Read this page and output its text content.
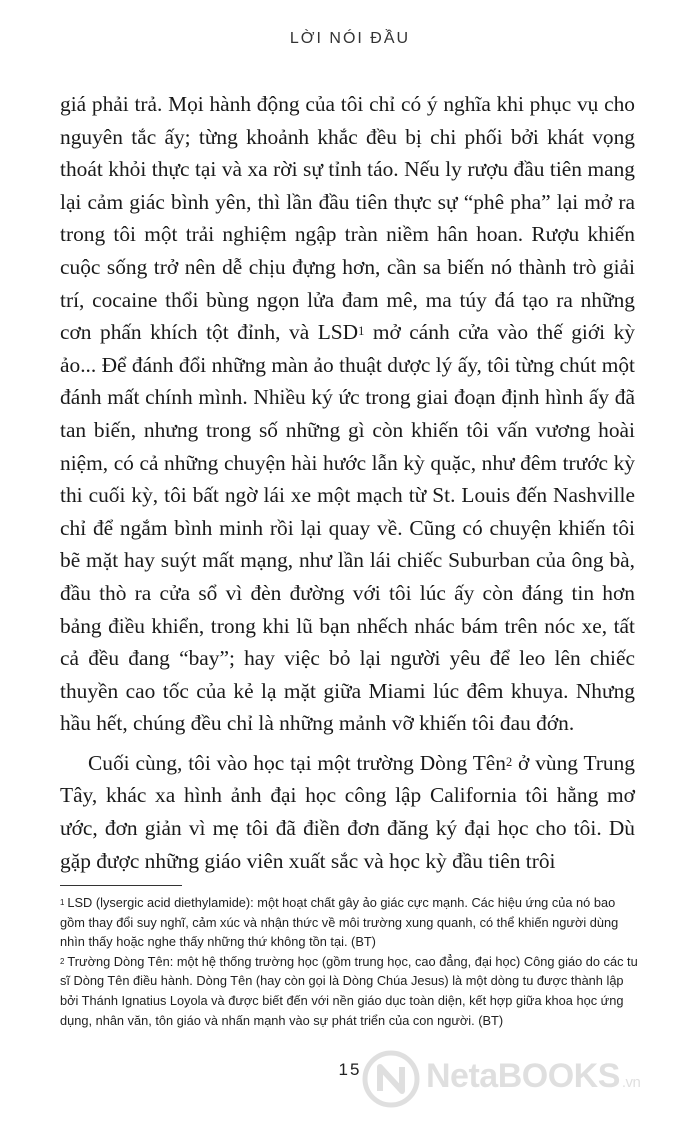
LỜI NÓI ĐẦU

giá phải trả. Mọi hành động của tôi chỉ có ý nghĩa khi phục vụ cho nguyên tắc ấy; từng khoảnh khắc đều bị chi phối bởi khát vọng thoát khỏi thực tại và xa rời sự tỉnh táo. Nếu ly rượu đầu tiên mang lại cảm giác bình yên, thì lần đầu tiên thực sự “phê pha” lại mở ra trong tôi một trải nghiệm ngập tràn niềm hân hoan. Rượu khiến cuộc sống trở nên dễ chịu đựng hơn, cần sa biến nó thành trò giải trí, cocaine thổi bùng ngọn lửa đam mê, ma túy đá tạo ra những cơn phấn khích tột đỉnh, và LSD$^1$ mở cánh cửa vào thế giới kỳ ảo... Để đánh đổi những màn ảo thuật dược lý ấy, tôi từng chút một đánh mất chính mình. Nhiều ký ức trong giai đoạn định hình ấy đã tan biến, nhưng trong số những gì còn khiến tôi vấn vương hoài niệm, có cả những chuyện hài hước lẫn kỳ quặc, như đêm trước kỳ thi cuối kỳ, tôi bất ngờ lái xe một mạch từ St. Louis đến Nashville chỉ để ngắm bình minh rồi lại quay về. Cũng có chuyện khiến tôi bẽ mặt hay suýt mất mạng, như lần lái chiếc Suburban của ông bà, đầu thò ra cửa sổ vì đèn đường với tôi lúc ấy còn đáng tin hơn bảng điều khiển, trong khi lũ bạn nhếch nhác bám trên nóc xe, tất cả đều đang “bay”; hay việc bỏ lại người yêu để leo lên chiếc thuyền cao tốc của kẻ lạ mặt giữa Miami lúc đêm khuya. Nhưng hầu hết, chúng đều chỉ là những mảnh vỡ khiến tôi đau đớn.

Cuối cùng, tôi vào học tại một trường Dòng Tên$^2$ ở vùng Trung Tây, khác xa hình ảnh đại học công lập California tôi hằng mơ ước, đơn giản vì mẹ tôi đã điền đơn đăng ký đại học cho tôi. Dù gặp được những giáo viên xuất sắc và học kỳ đầu tiên trôi

$^1$ LSD (lysergic acid diethylamide): một hoạt chất gây ảo giác cực mạnh. Các hiệu ứng của nó bao gồm thay đổi suy nghĩ, cảm xúc và nhận thức về môi trường xung quanh, có thể khiến người dùng nhìn thấy hoặc nghe thấy những thứ không tồn tại. (BT)

$^2$ Trường Dòng Tên: một hệ thống trường học (gồm trung học, cao đẳng, đại học) Công giáo do các tu sĩ Dòng Tên điều hành. Dòng Tên (hay còn gọi là Dòng Chúa Jesus) là một dòng tu được thành lập bởi Thánh Ignatius Loyola và được biết đến với nền giáo dục toàn diện, kết hợp giữa khoa học ứng dụng, nhân văn, tôn giáo và nhấn mạnh vào sự phát triển của con người. (BT)

15	NetaBOOKS .vn
